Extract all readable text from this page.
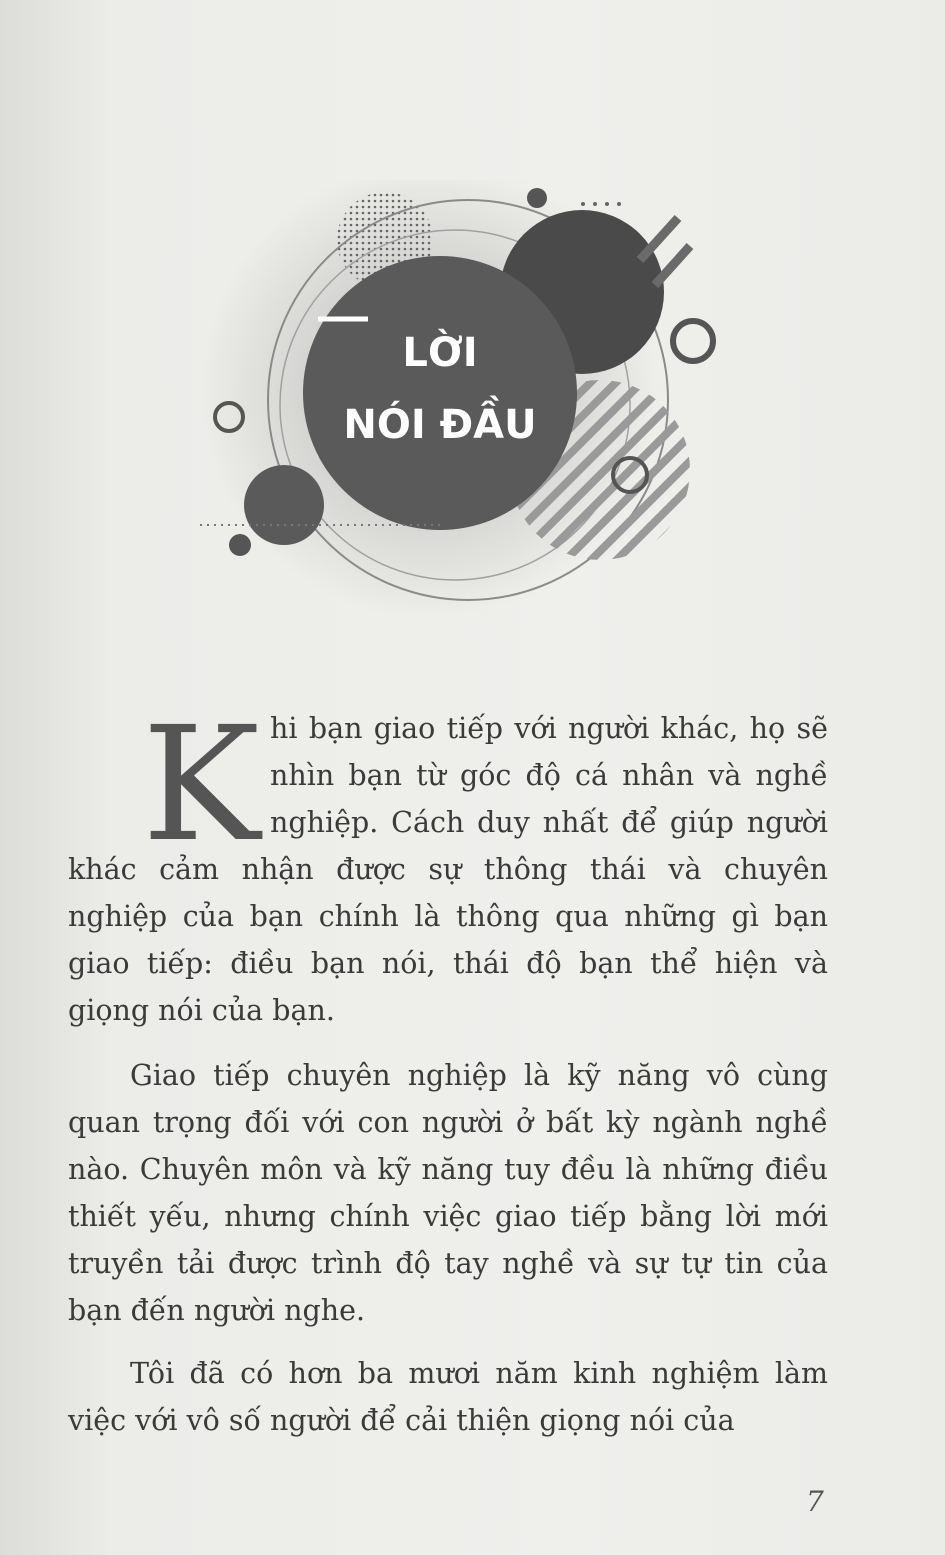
LỜI
NÓI ĐẦU
Khi bạn giao tiếp với người khác, họ sẽ nhìn bạn từ góc độ cá nhân và nghề nghiệp. Cách duy nhất để giúp người khác cảm nhận được sự thông thái và chuyên nghiệp của bạn chính là thông qua những gì bạn giao tiếp: điều bạn nói, thái độ bạn thể hiện và giọng nói của bạn.
Giao tiếp chuyên nghiệp là kỹ năng vô cùng quan trọng đối với con người ở bất kỳ ngành nghề nào. Chuyên môn và kỹ năng tuy đều là những điều thiết yếu, nhưng chính việc giao tiếp bằng lời mới truyền tải được trình độ tay nghề và sự tự tin của bạn đến người nghe.
Tôi đã có hơn ba mươi năm kinh nghiệm làm việc với vô số người để cải thiện giọng nói của
7
